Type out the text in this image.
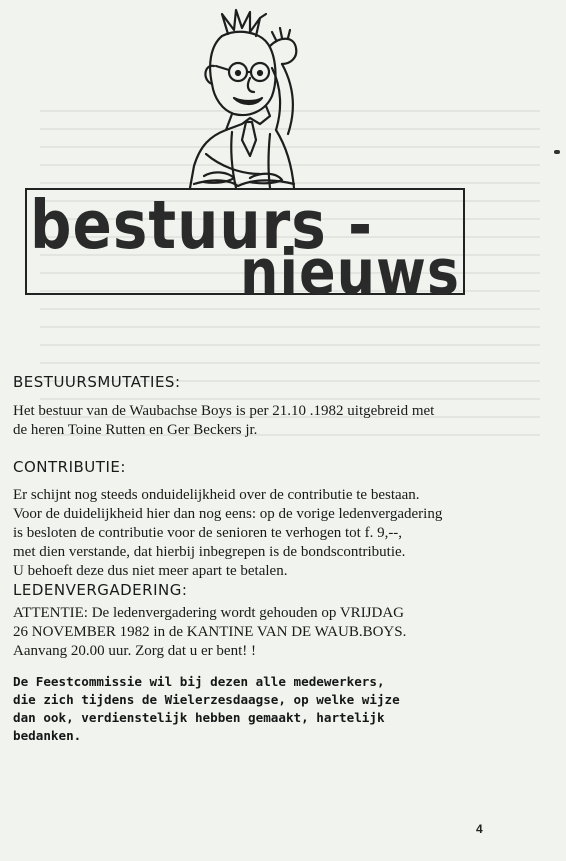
bestuurs -
nieuws
BESTUURSMUTATIES:
Het bestuur van de Waubachse Boys is per 21.10 .1982 uitgebreid met
de heren Toine Rutten en Ger Beckers jr.
CONTRIBUTIE:
Er schijnt nog steeds onduidelijkheid over de contributie te bestaan.
Voor de duidelijkheid hier dan nog eens: op de vorige ledenvergadering
is besloten de contributie voor de senioren te verhogen tot f. 9,--,
met dien verstande, dat hierbij inbegrepen is de bondscontributie.
U behoeft deze dus niet meer apart te betalen.
LEDENVERGADERING:
ATTENTIE: De ledenvergadering wordt gehouden op VRIJDAG
26 NOVEMBER 1982 in de KANTINE VAN DE WAUB.BOYS.
Aanvang 20.00 uur. Zorg dat u er bent! !
De Feestcommissie wil bij dezen alle medewerkers,
die zich tijdens de Wielerzesdaagse, op welke wijze
dan ook, verdienstelijk hebben gemaakt, hartelijk
bedanken.
4
